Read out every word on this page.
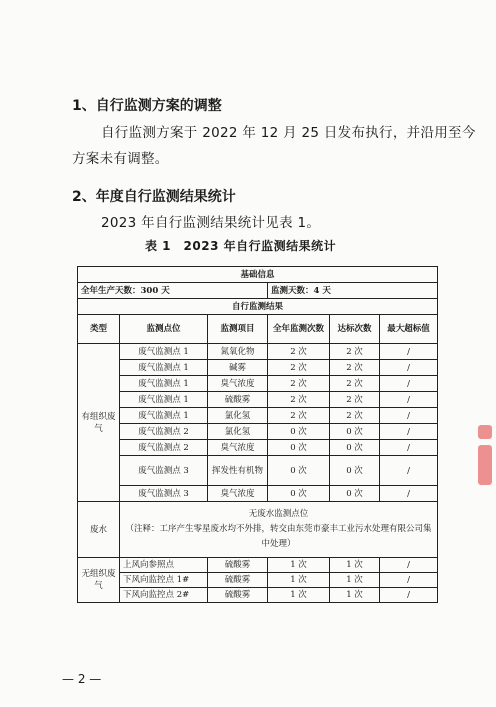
1、自行监测方案的调整
自行监测方案于 2022 年 12 月 25 日发布执行，并沿用至今
方案未有调整。
2、年度自行监测结果统计
2023 年自行监测结果统计见表 1。
表 1　2023 年自行监测结果统计
基础信息					
全年生产天数：300 天			监测天数：4 天		
自行监测结果					
类型	监测点位	监测项目	全年监测次数	达标次数	最大超标值
有组织废气	废气监测点 1	氮氧化物	2 次	2 次	/
	废气监测点 1	碱雾	2 次	2 次	/
	废气监测点 1	臭气浓度	2 次	2 次	/
	废气监测点 1	硫酸雾	2 次	2 次	/
	废气监测点 1	氯化氢	2 次	2 次	/
	废气监测点 2	氯化氢	0 次	0 次	/
	废气监测点 2	臭气浓度	0 次	0 次	/
	废气监测点 3	挥发性有机物	0 次	0 次	/
	废气监测点 3	臭气浓度	0 次	0 次	/
废水	无废水监测点位
（注释：工序产生零星废水均不外排，转交由东莞市豪丰工业污水处理有限公司集中处理）				

无组织废气	上风向参照点	硫酸雾	1 次	1 次	/
	下风向监控点 1#	硫酸雾	1 次	1 次	/
	下风向监控点 2#	硫酸雾	1 次	1 次	/
— 2 —
